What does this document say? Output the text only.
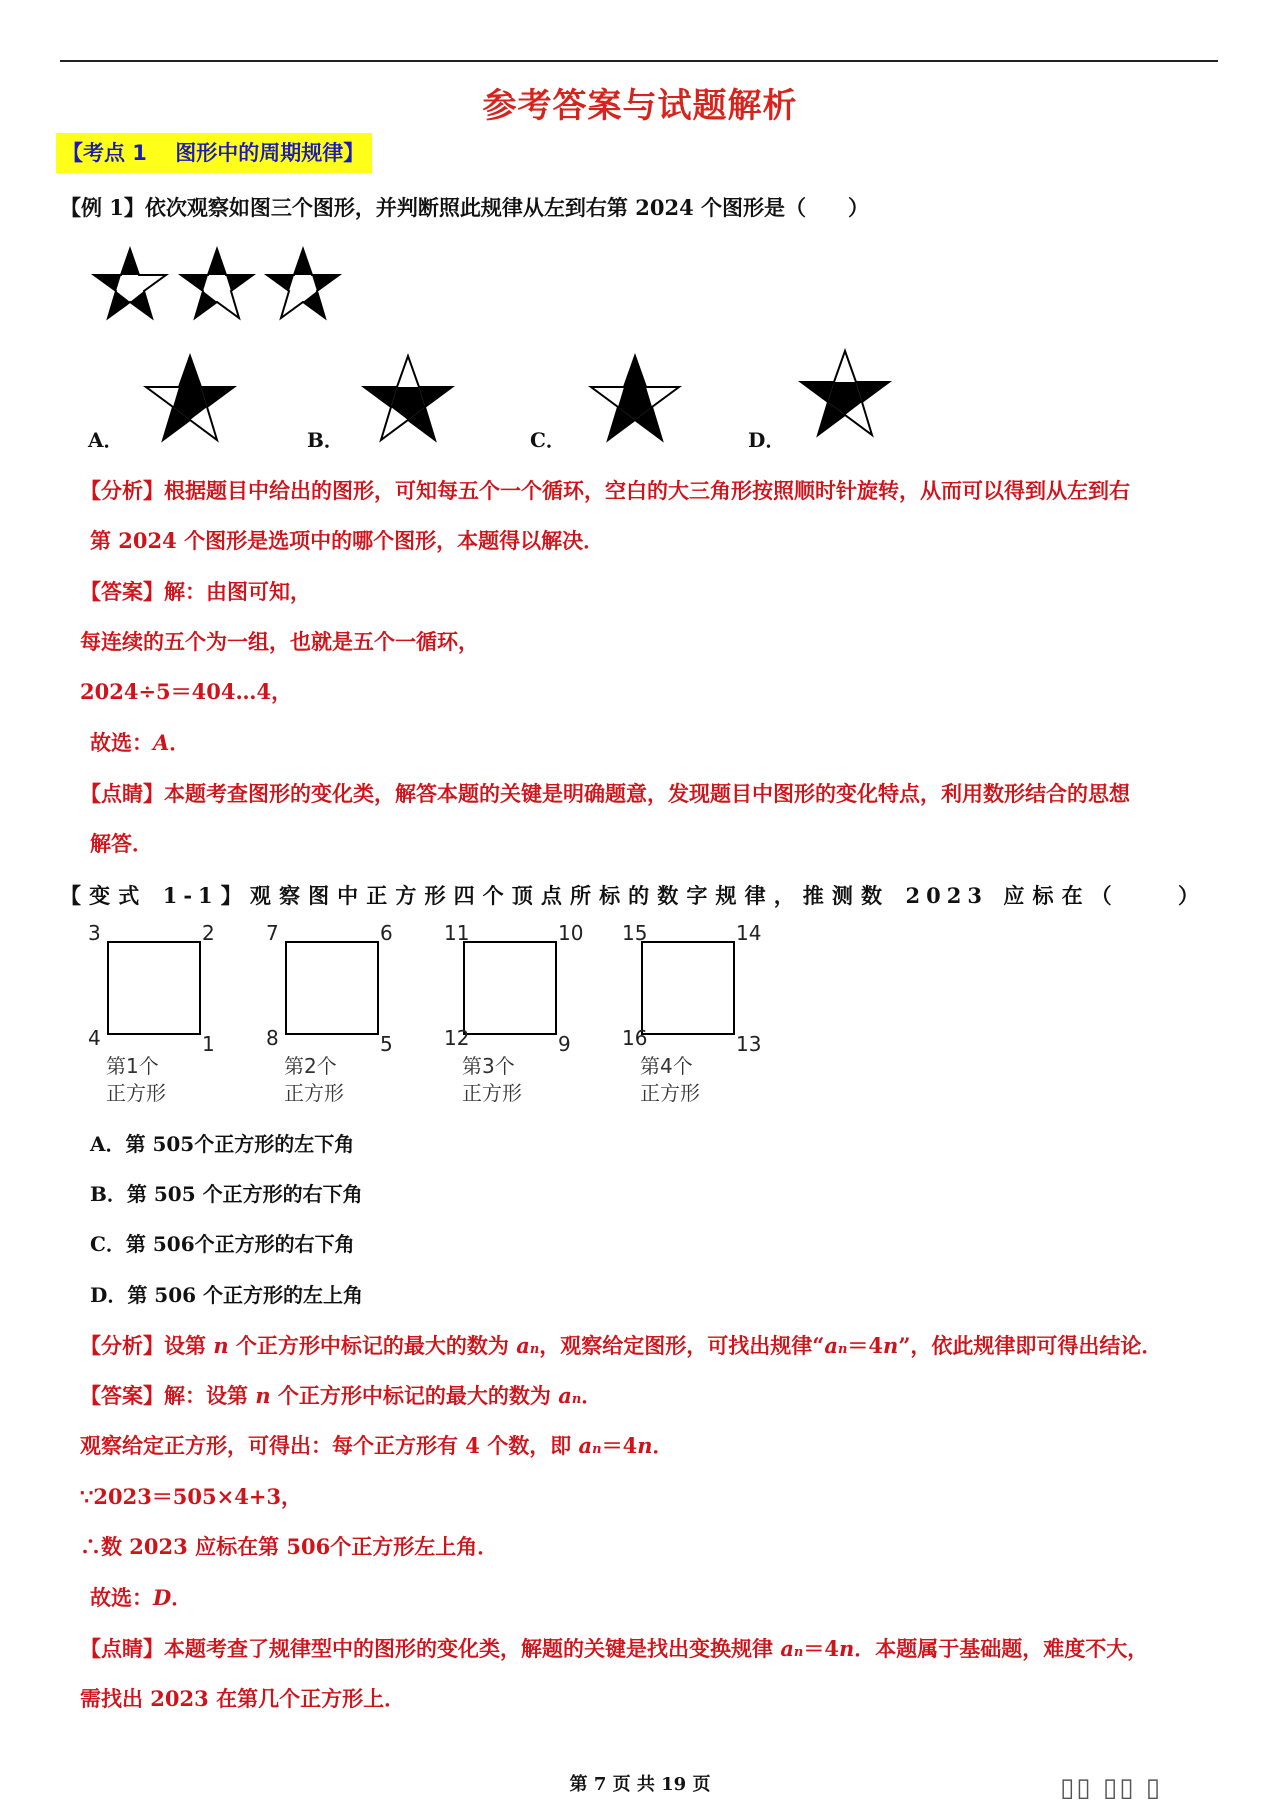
参考答案与试题解析
【考点 1　 图形中的周期规律】
【例 1】依次观察如图三个图形，并判断照此规律从左到右第 2024 个图形是（　　）
A．	B．	C．	D．
【分析】根据题目中给出的图形，可知每五个一个循环，空白的大三角形按照顺时针旋转，从而可以得到从左到右
第 2024 个图形是选项中的哪个图形，本题得以解决．
【答案】解：由图可知，
每连续的五个为一组，也就是五个一循环，
2024÷5＝404…4，
故选：A．
【点睛】本题考查图形的变化类，解答本题的关键是明确题意，发现题目中图形的变化特点，利用数形结合的思想
解答．
【变式 1-1】观察图中正方形四个顶点所标的数字规律，推测数 2023 应标在（　　）
3	2
4	1
第1个
正方形
7	6
8	5
第2个
正方形
11	10
12	9
第3个
正方形
15	14
16	13
第4个
正方形
A．第 505个正方形的左下角
B．第 505 个正方形的右下角
C．第 506个正方形的右下角
D．第 506 个正方形的左上角
【分析】设第 n 个正方形中标记的最大的数为 an，观察给定图形，可找出规律“an＝4n”，依此规律即可得出结论．
【答案】解：设第 n 个正方形中标记的最大的数为 an．
观察给定正方形，可得出：每个正方形有 4 个数，即 an＝4n．
∵2023＝505×4+3，
∴数 2023 应标在第 506个正方形左上角．
故选：D．
【点睛】本题考查了规律型中的图形的变化类，解题的关键是找出变换规律 an＝4n．本题属于基础题，难度不大，
需找出 2023 在第几个正方形上．
第 7 页 共 19 页	▯▯ ▯▯ ▯
